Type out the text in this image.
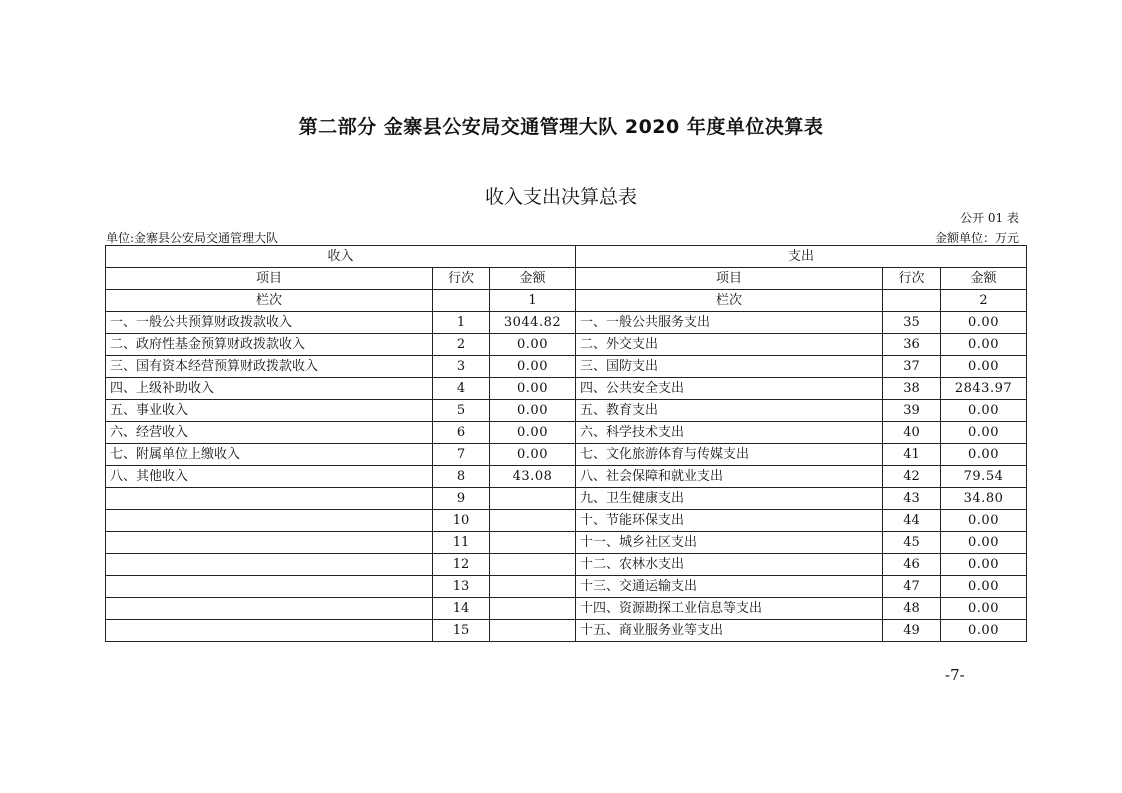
第二部分 金寨县公安局交通管理大队 2020 年度单位决算表
收入支出决算总表
公开 01 表
单位:金寨县公安局交通管理大队	金额单位：万元
收入			支出		
项目	行次	金额	项目	行次	金额
栏次		1	栏次		2
一、一般公共预算财政拨款收入	1	3044.82	一、一般公共服务支出	35	0.00
二、政府性基金预算财政拨款收入	2	0.00	二、外交支出	36	0.00
三、国有资本经营预算财政拨款收入	3	0.00	三、国防支出	37	0.00
四、上级补助收入	4	0.00	四、公共安全支出	38	2843.97
五、事业收入	5	0.00	五、教育支出	39	0.00
六、经营收入	6	0.00	六、科学技术支出	40	0.00
七、附属单位上缴收入	7	0.00	七、文化旅游体育与传媒支出	41	0.00
八、其他收入	8	43.08	八、社会保障和就业支出	42	79.54
	9		九、卫生健康支出	43	34.80
	10		十、节能环保支出	44	0.00
	11		十一、城乡社区支出	45	0.00
	12		十二、农林水支出	46	0.00
	13		十三、交通运输支出	47	0.00
	14		十四、资源勘探工业信息等支出	48	0.00
	15		十五、商业服务业等支出	49	0.00
-7-
